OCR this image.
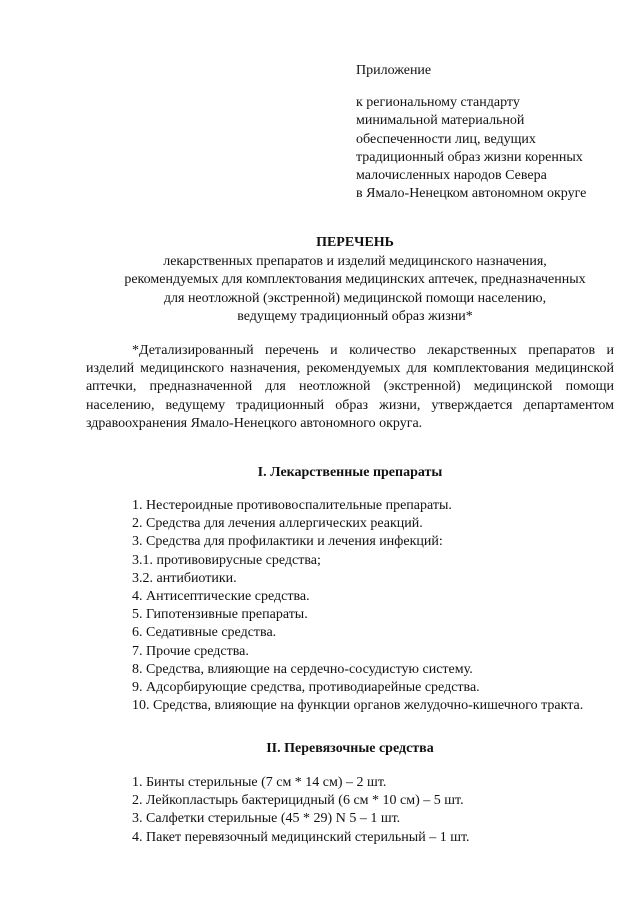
Приложение
к региональному стандарту
минимальной материальной
обеспеченности лиц, ведущих
традиционный образ жизни коренных
малочисленных народов Севера
в Ямало-Ненецком автономном округе
ПЕРЕЧЕНЬ
лекарственных препаратов и изделий медицинского назначения,
рекомендуемых для комплектования медицинских аптечек, предназначенных
для неотложной (экстренной) медицинской помощи населению,
ведущему традиционный образ жизни*
*Детализированный перечень и количество лекарственных препаратов и изделий медицинского назначения, рекомендуемых для комплектования медицинской аптечки, предназначенной для неотложной (экстренной) медицинской помощи населению, ведущему традиционный образ жизни, утверждается департаментом здравоохранения Ямало-Ненецкого автономного округа.
I. Лекарственные препараты
1. Нестероидные противовоспалительные препараты.
2. Средства для лечения аллергических реакций.
3. Средства для профилактики и лечения инфекций:
3.1. противовирусные средства;
3.2. антибиотики.
4. Антисептические средства.
5. Гипотензивные препараты.
6. Седативные средства.
7. Прочие средства.
8. Средства, влияющие на сердечно-сосудистую систему.
9. Адсорбирующие средства, противодиарейные средства.
10. Средства, влияющие на функции органов желудочно-кишечного тракта.
II. Перевязочные средства
1. Бинты стерильные (7 см * 14 см) – 2 шт.
2. Лейкопластырь бактерицидный (6 см * 10 см) – 5 шт.
3. Салфетки стерильные (45 * 29) N 5 – 1 шт.
4. Пакет перевязочный медицинский стерильный – 1 шт.
